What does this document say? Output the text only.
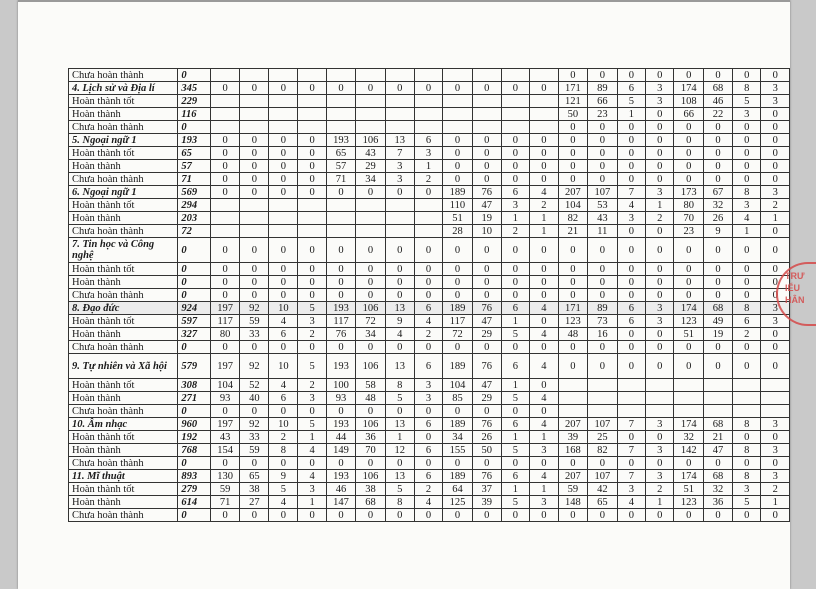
Chưa hoàn thành	0													0	0	0	0	0	0	0	0
4. Lịch sử và Địa lí	345	0	0	0	0	0	0	0	0	0	0	0	0	171	89	6	3	174	68	8	3
Hoàn thành tốt	229													121	66	5	3	108	46	5	3
Hoàn thành	116													50	23	1	0	66	22	3	0
Chưa hoàn thành	0													0	0	0	0	0	0	0	0
5. Ngoại ngữ 1	193	0	0	0	0	193	106	13	6	0	0	0	0	0	0	0	0	0	0	0	0
Hoàn thành tốt	65	0	0	0	0	65	43	7	3	0	0	0	0	0	0	0	0	0	0	0	0
Hoàn thành	57	0	0	0	0	57	29	3	1	0	0	0	0	0	0	0	0	0	0	0	0
Chưa hoàn thành	71	0	0	0	0	71	34	3	2	0	0	0	0	0	0	0	0	0	0	0	0
6. Ngoại ngữ 1	569	0	0	0	0	0	0	0	0	189	76	6	4	207	107	7	3	173	67	8	3
Hoàn thành tốt	294									110	47	3	2	104	53	4	1	80	32	3	2
Hoàn thành	203									51	19	1	1	82	43	3	2	70	26	4	1
Chưa hoàn thành	72									28	10	2	1	21	11	0	0	23	9	1	0
7. Tin học và Công nghệ	0	0	0	0	0	0	0	0	0	0	0	0	0	0	0	0	0	0	0	0	0
Hoàn thành tốt	0	0	0	0	0	0	0	0	0	0	0	0	0	0	0	0	0	0	0	0	0
Hoàn thành	0	0	0	0	0	0	0	0	0	0	0	0	0	0	0	0	0	0	0	0	0
Chưa hoàn thành	0	0	0	0	0	0	0	0	0	0	0	0	0	0	0	0	0	0	0	0	0
8. Đạo đức	924	197	92	10	5	193	106	13	6	189	76	6	4	171	89	6	3	174	68	8	3
Hoàn thành tốt	597	117	59	4	3	117	72	9	4	117	47	1	0	123	73	6	3	123	49	6	3
Hoàn thành	327	80	33	6	2	76	34	4	2	72	29	5	4	48	16	0	0	51	19	2	0
Chưa hoàn thành	0	0	0	0	0	0	0	0	0	0	0	0	0	0	0	0	0	0	0	0	0
9. Tự nhiên và Xã hội	579	197	92	10	5	193	106	13	6	189	76	6	4	0	0	0	0	0	0	0	0
Hoàn thành tốt	308	104	52	4	2	100	58	8	3	104	47	1	0								
Hoàn thành	271	93	40	6	3	93	48	5	3	85	29	5	4								
Chưa hoàn thành	0	0	0	0	0	0	0	0	0	0	0	0	0								
10. Âm nhạc	960	197	92	10	5	193	106	13	6	189	76	6	4	207	107	7	3	174	68	8	3
Hoàn thành tốt	192	43	33	2	1	44	36	1	0	34	26	1	1	39	25	0	0	32	21	0	0
Hoàn thành	768	154	59	8	4	149	70	12	6	155	50	5	3	168	82	7	3	142	47	8	3
Chưa hoàn thành	0	0	0	0	0	0	0	0	0	0	0	0	0	0	0	0	0	0	0	0	0
11. Mĩ thuật	893	130	65	9	4	193	106	13	6	189	76	6	4	207	107	7	3	174	68	8	3
Hoàn thành tốt	279	59	38	5	3	46	38	5	2	64	37	1	1	59	42	3	2	51	32	3	2
Hoàn thành	614	71	27	4	1	147	68	8	4	125	39	5	3	148	65	4	1	123	36	5	1
Chưa hoàn thành	0	0	0	0	0	0	0	0	0	0	0	0	0	0	0	0	0	0	0	0	0
TRƯ
IỂU
HÂN
